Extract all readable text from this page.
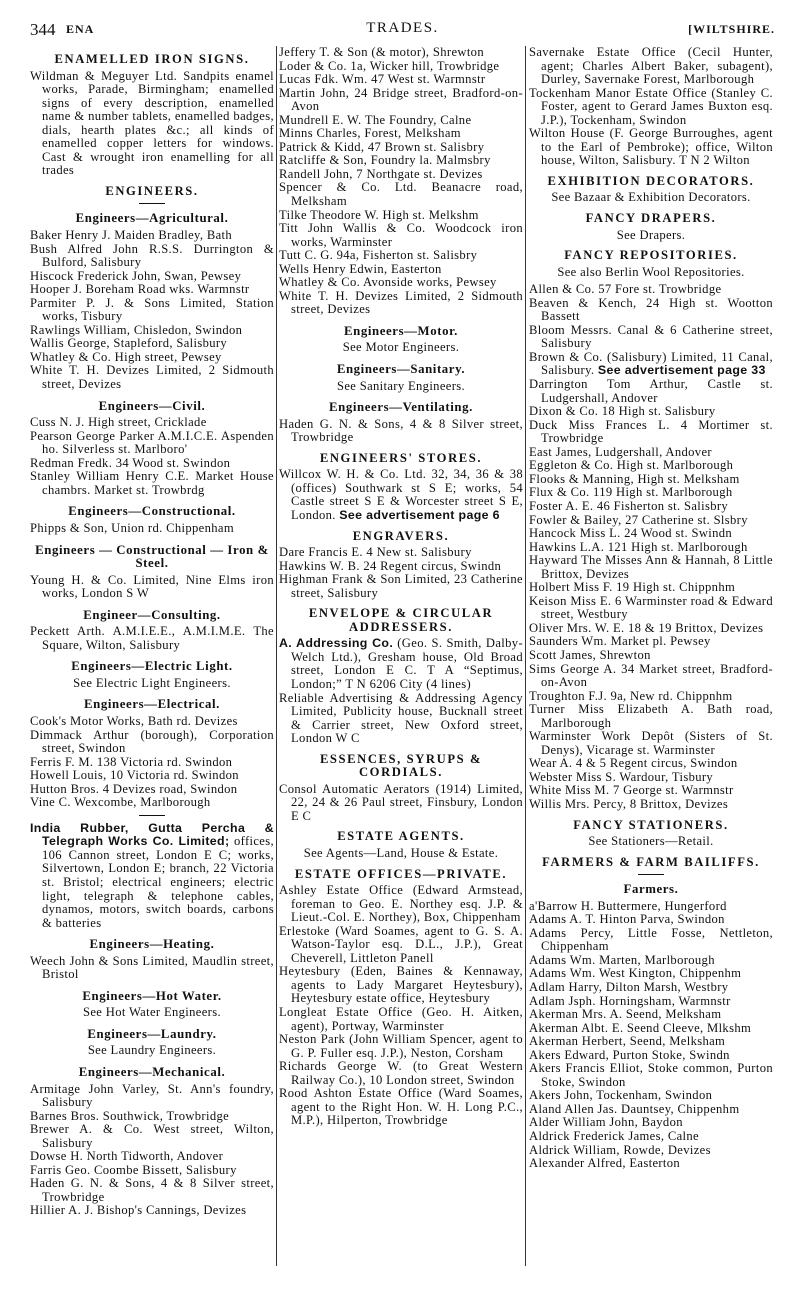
344 ENA	TRADES.	[WILTSHIRE.
ENAMELLED IRON SIGNS.

Wildman & Meguyer Ltd. Sandpits enamel works, Parade, Birmingham; enamelled signs of every description, enamelled name & number tablets, enamelled badges, dials, hearth plates &c.; all kinds of enamelled copper letters for windows. Cast & wrought iron enamelling for all trades

ENGINEERS.
Engineers—Agricultural.

Baker Henry J. Maiden Bradley, Bath

Bush Alfred John R.S.S. Durrington & Bulford, Salisbury

Hiscock Frederick John, Swan, Pewsey

Hooper J. Boreham Road wks. Warmnstr

Parmiter P. J. & Sons Limited, Station works, Tisbury

Rawlings William, Chisledon, Swindon

Wallis George, Stapleford, Salisbury

Whatley & Co. High street, Pewsey

White T. H. Devizes Limited, 2 Sidmouth street, Devizes

Engineers—Civil.

Cuss N. J. High street, Cricklade

Pearson George Parker A.M.I.C.E. Aspenden ho. Silverless st. Marlboro'

Redman Fredk. 34 Wood st. Swindon

Stanley William Henry C.E. Market House chambrs. Market st. Trowbrdg

Engineers—Constructional.

Phipps & Son, Union rd. Chippenham

Engineers — Constructional — Iron & Steel.

Young H. & Co. Limited, Nine Elms iron works, London S W

Engineer—Consulting.

Peckett Arth. A.M.I.E.E., A.M.I.M.E. The Square, Wilton, Salisbury

Engineers—Electric Light.
See Electric Light Engineers.
Engineers—Electrical.

Cook's Motor Works, Bath rd. Devizes

Dimmack Arthur (borough), Corporation street, Swindon

Ferris F. M. 138 Victoria rd. Swindon

Howell Louis, 10 Victoria rd. Swindon

Hutton Bros. 4 Devizes road, Swindon

Vine C. Wexcombe, Marlborough

India Rubber, Gutta Percha & Telegraph Works Co. Limited; offices, 106 Cannon street, London E C; works, Silvertown, London E; branch, 22 Victoria st. Bristol; electrical engineers; electric light, telegraph & telephone cables, dynamos, motors, switch boards, carbons & batteries

Engineers—Heating.

Weech John & Sons Limited, Maudlin street, Bristol

Engineers—Hot Water.
See Hot Water Engineers.
Engineers—Laundry.
See Laundry Engineers.
Engineers—Mechanical.

Armitage John Varley, St. Ann's foundry, Salisbury

Barnes Bros. Southwick, Trowbridge

Brewer A. & Co. West street, Wilton, Salisbury

Dowse H. North Tidworth, Andover

Farris Geo. Coombe Bissett, Salisbury

Haden G. N. & Sons, 4 & 8 Silver street, Trowbridge

Hillier A. J. Bishop's Cannings, Devizes

Jeffery T. & Son (& motor), Shrewton

Loder & Co. 1a, Wicker hill, Trowbridge

Lucas Fdk. Wm. 47 West st. Warmnstr

Martin John, 24 Bridge street, Bradford-on-Avon

Mundrell E. W. The Foundry, Calne

Minns Charles, Forest, Melksham

Patrick & Kidd, 47 Brown st. Salisbry

Ratcliffe & Son, Foundry la. Malmsbry

Randell John, 7 Northgate st. Devizes

Spencer & Co. Ltd. Beanacre road, Melksham

Tilke Theodore W. High st. Melkshm

Titt John Wallis & Co. Woodcock iron works, Warminster

Tutt C. G. 94a, Fisherton st. Salisbry

Wells Henry Edwin, Easterton

Whatley & Co. Avonside works, Pewsey

White T. H. Devizes Limited, 2 Sidmouth street, Devizes

Engineers—Motor.
See Motor Engineers.
Engineers—Sanitary.
See Sanitary Engineers.
Engineers—Ventilating.

Haden G. N. & Sons, 4 & 8 Silver street, Trowbridge

ENGINEERS' STORES.

Willcox W. H. & Co. Ltd. 32, 34, 36 & 38 (offices) Southwark st S E; works, 54 Castle street S E & Worcester street S E, London. See advertisement page 6

ENGRAVERS.

Dare Francis E. 4 New st. Salisbury

Hawkins W. B. 24 Regent circus, Swindn

Highman Frank & Son Limited, 23 Catherine street, Salisbury

ENVELOPE & CIRCULAR ADDRESSERS.

A. Addressing Co. (Geo. S. Smith, Dalby-Welch Ltd.), Gresham house, Old Broad street, London E C. T A “Septimus, London;” T N 6206 City (4 lines)

Reliable Advertising & Addressing Agency Limited, Publicity house, Bucknall street & Carrier street, New Oxford street, London W C

ESSENCES, SYRUPS & CORDIALS.

Consol Automatic Aerators (1914) Limited, 22, 24 & 26 Paul street, Finsbury, London E C

ESTATE AGENTS.
See Agents—Land, House & Estate.
ESTATE OFFICES—PRIVATE.

Ashley Estate Office (Edward Armstead, foreman to Geo. E. Northey esq. J.P. & Lieut.-Col. E. Northey), Box, Chippenham

Erlestoke (Ward Soames, agent to G. S. A. Watson-Taylor esq. D.L., J.P.), Great Cheverell, Littleton Panell

Heytesbury (Eden, Baines & Kennaway, agents to Lady Margaret Heytesbury), Heytesbury estate office, Heytesbury

Longleat Estate Office (Geo. H. Aitken, agent), Portway, Warminster

Neston Park (John William Spencer, agent to G. P. Fuller esq. J.P.), Neston, Corsham

Richards George W. (to Great Western Railway Co.), 10 London street, Swindon

Rood Ashton Estate Office (Ward Soames, agent to the Right Hon. W. H. Long P.C., M.P.), Hilperton, Trowbridge

Savernake Estate Office (Cecil Hunter, agent; Charles Albert Baker, subagent), Durley, Savernake Forest, Marlborough

Tockenham Manor Estate Office (Stanley C. Foster, agent to Gerard James Buxton esq. J.P.), Tockenham, Swindon

Wilton House (F. George Burroughes, agent to the Earl of Pembroke); office, Wilton house, Wilton, Salisbury. T N 2 Wilton

EXHIBITION DECORATORS.
See Bazaar & Exhibition Decorators.
FANCY DRAPERS.
See Drapers.
FANCY REPOSITORIES.
See also Berlin Wool Repositories.

Allen & Co. 57 Fore st. Trowbridge

Beaven & Kench, 24 High st. Wootton Bassett

Bloom Messrs. Canal & 6 Catherine street, Salisbury

Brown & Co. (Salisbury) Limited, 11 Canal, Salisbury. See advertisement page 33

Darrington Tom Arthur, Castle st. Ludgershall, Andover

Dixon & Co. 18 High st. Salisbury

Duck Miss Frances L. 4 Mortimer st. Trowbridge

East James, Ludgershall, Andover

Eggleton & Co. High st. Marlborough

Flooks & Manning, High st. Melksham

Flux & Co. 119 High st. Marlborough

Foster A. E. 46 Fisherton st. Salisbry

Fowler & Bailey, 27 Catherine st. Slsbry

Hancock Miss L. 24 Wood st. Swindn

Hawkins L.A. 121 High st. Marlborough

Hayward The Misses Ann & Hannah, 8 Little Brittox, Devizes

Holbert Miss F. 19 High st. Chippnhm

Keison Miss E. 6 Warminster road & Edward street, Westbury

Oliver Mrs. W. E. 18 & 19 Brittox, Devizes

Saunders Wm. Market pl. Pewsey

Scott James, Shrewton

Sims George A. 34 Market street, Bradford-on-Avon

Troughton F.J. 9a, New rd. Chippnhm

Turner Miss Elizabeth A. Bath road, Marlborough

Warminster Work Depôt (Sisters of St. Denys), Vicarage st. Warminster

Wear A. 4 & 5 Regent circus, Swindon

Webster Miss S. Wardour, Tisbury

White Miss M. 7 George st. Warmnstr

Willis Mrs. Percy, 8 Brittox, Devizes

FANCY STATIONERS.
See Stationers—Retail.
FARMERS & FARM BAILIFFS.
Farmers.

a'Barrow H. Buttermere, Hungerford

Adams A. T. Hinton Parva, Swindon

Adams Percy, Little Fosse, Nettleton, Chippenham

Adams Wm. Marten, Marlborough

Adams Wm. West Kington, Chippenhm

Adlam Harry, Dilton Marsh, Westbry

Adlam Jsph. Horningsham, Warmnstr

Akerman Mrs. A. Seend, Melksham

Akerman Albt. E. Seend Cleeve, Mlkshm

Akerman Herbert, Seend, Melksham

Akers Edward, Purton Stoke, Swindn

Akers Francis Elliot, Stoke common, Purton Stoke, Swindon

Akers John, Tockenham, Swindon

Aland Allen Jas. Dauntsey, Chippenhm

Alder William John, Baydon

Aldrick Frederick James, Calne

Aldrick William, Rowde, Devizes

Alexander Alfred, Easterton
